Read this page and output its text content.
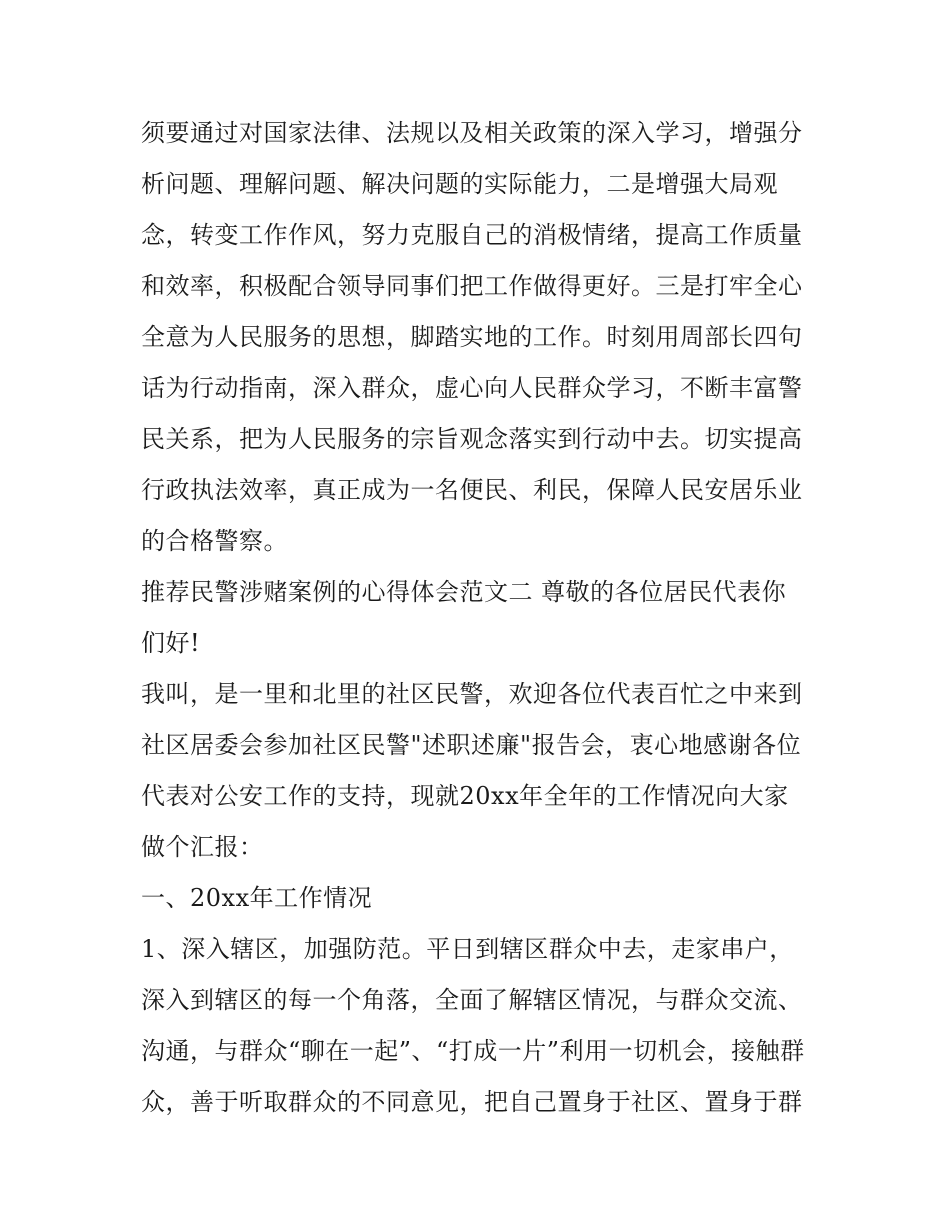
须要通过对国家法律、法规以及相关政策的深入学习，增强分
析问题、理解问题、解决问题的实际能力，二是增强大局观
念，转变工作作风，努力克服自己的消极情绪，提高工作质量
和效率，积极配合领导同事们把工作做得更好。三是打牢全心
全意为人民服务的思想，脚踏实地的工作。时刻用周部长四句
话为行动指南，深入群众，虚心向人民群众学习，不断丰富警
民关系，把为人民服务的宗旨观念落实到行动中去。切实提高
行政执法效率，真正成为一名便民、利民，保障人民安居乐业
的合格警察。
推荐民警涉赌案例的心得体会范文二 尊敬的各位居民代表你
们好!
我叫，是一里和北里的社区民警，欢迎各位代表百忙之中来到
社区居委会参加社区民警"述职述廉"报告会，衷心地感谢各位
代表对公安工作的支持，现就20xx年全年的工作情况向大家
做个汇报：
一、20xx年工作情况
1、深入辖区，加强防范。平日到辖区群众中去，走家串户，
深入到辖区的每一个角落，全面了解辖区情况，与群众交流、
沟通，与群众“聊在一起”、“打成一片”利用一切机会，接触群
众，善于听取群众的不同意见，把自己置身于社区、置身于群
